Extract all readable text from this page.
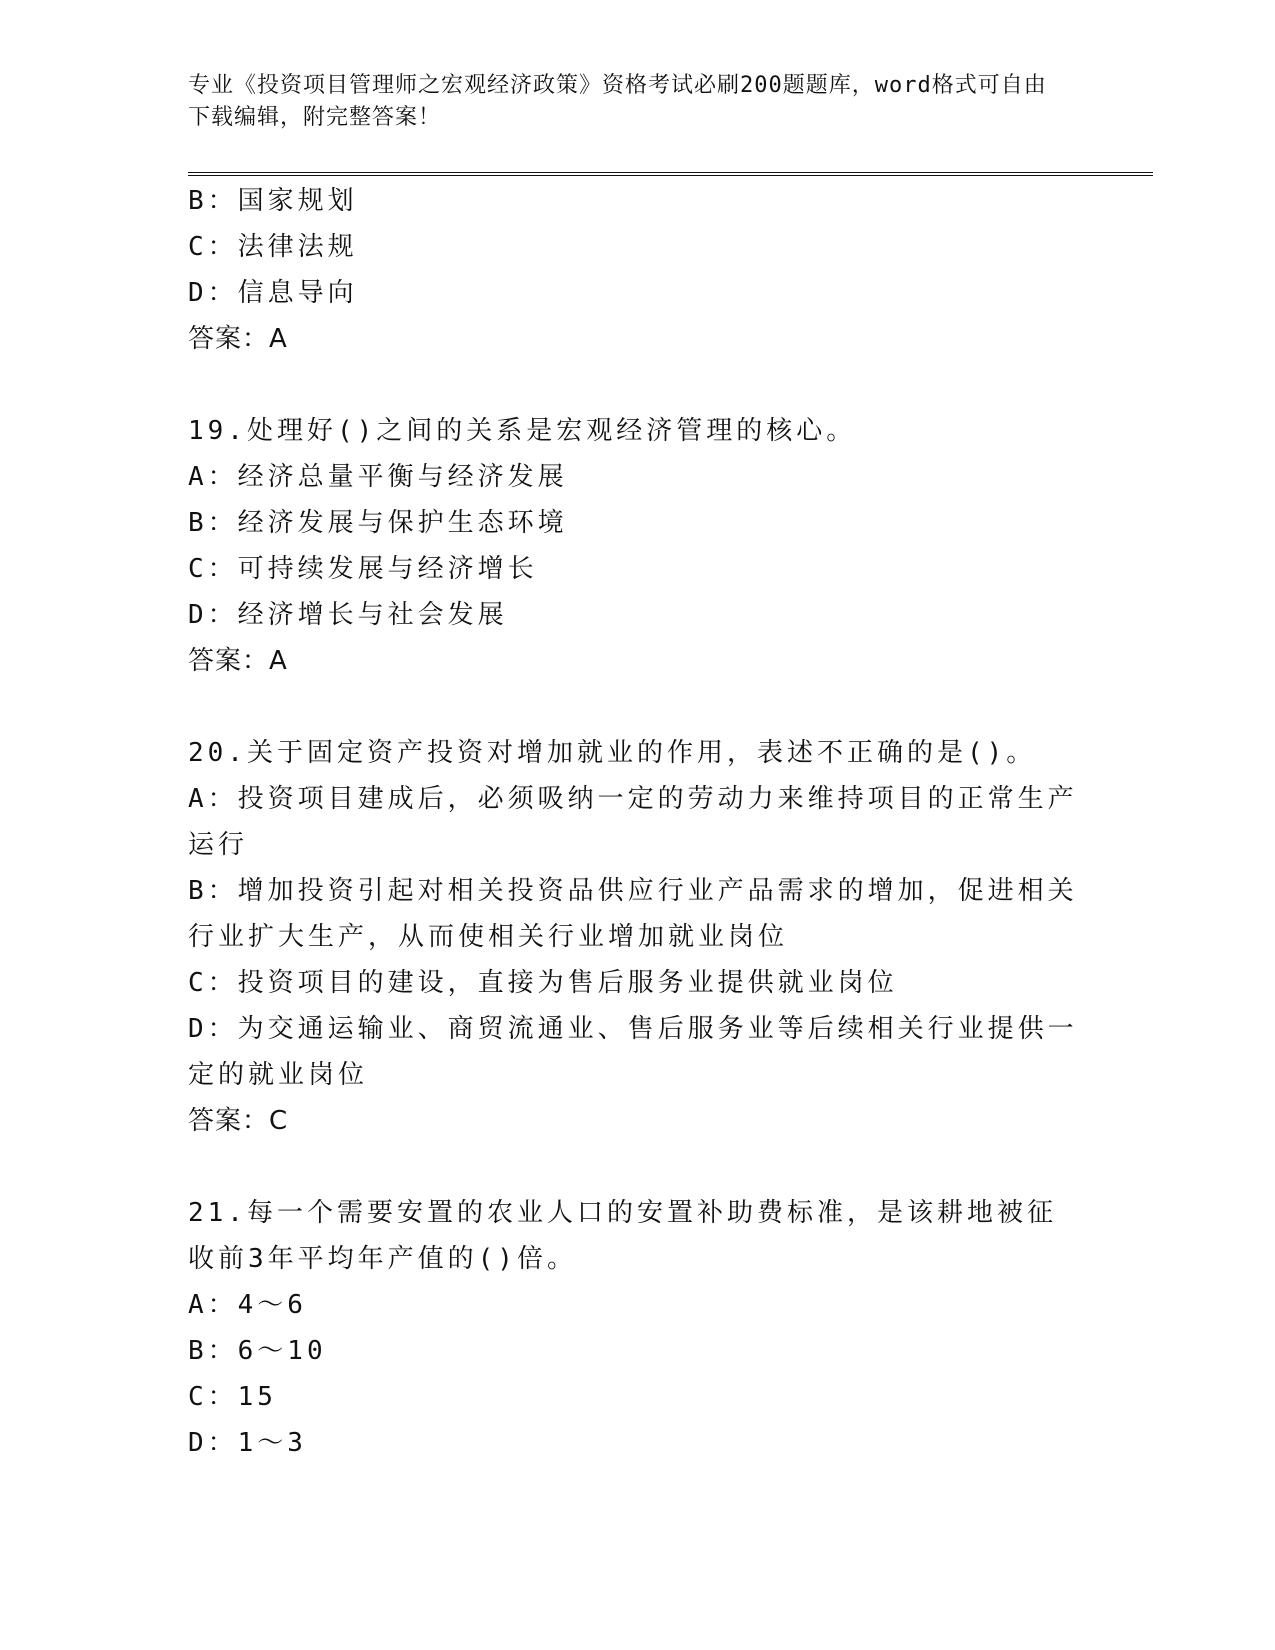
专业《投资项目管理师之宏观经济政策》资格考试必刷200题题库，word格式可自由下载编辑，附完整答案！
B：国家规划
C：法律法规
D：信息导向
答案：A
19.处理好()之间的关系是宏观经济管理的核心。
A：经济总量平衡与经济发展
B：经济发展与保护生态环境
C：可持续发展与经济增长
D：经济增长与社会发展
答案：A
20.关于固定资产投资对增加就业的作用，表述不正确的是()。
A：投资项目建成后，必须吸纳一定的劳动力来维持项目的正常生产运行
B：增加投资引起对相关投资品供应行业产品需求的增加，促进相关行业扩大生产，从而使相关行业增加就业岗位
C：投资项目的建设，直接为售后服务业提供就业岗位
D：为交通运输业、商贸流通业、售后服务业等后续相关行业提供一定的就业岗位
答案：C
21.每一个需要安置的农业人口的安置补助费标准，是该耕地被征收前3年平均年产值的()倍。
A：4～6
B：6～10
C：15
D：1～3
